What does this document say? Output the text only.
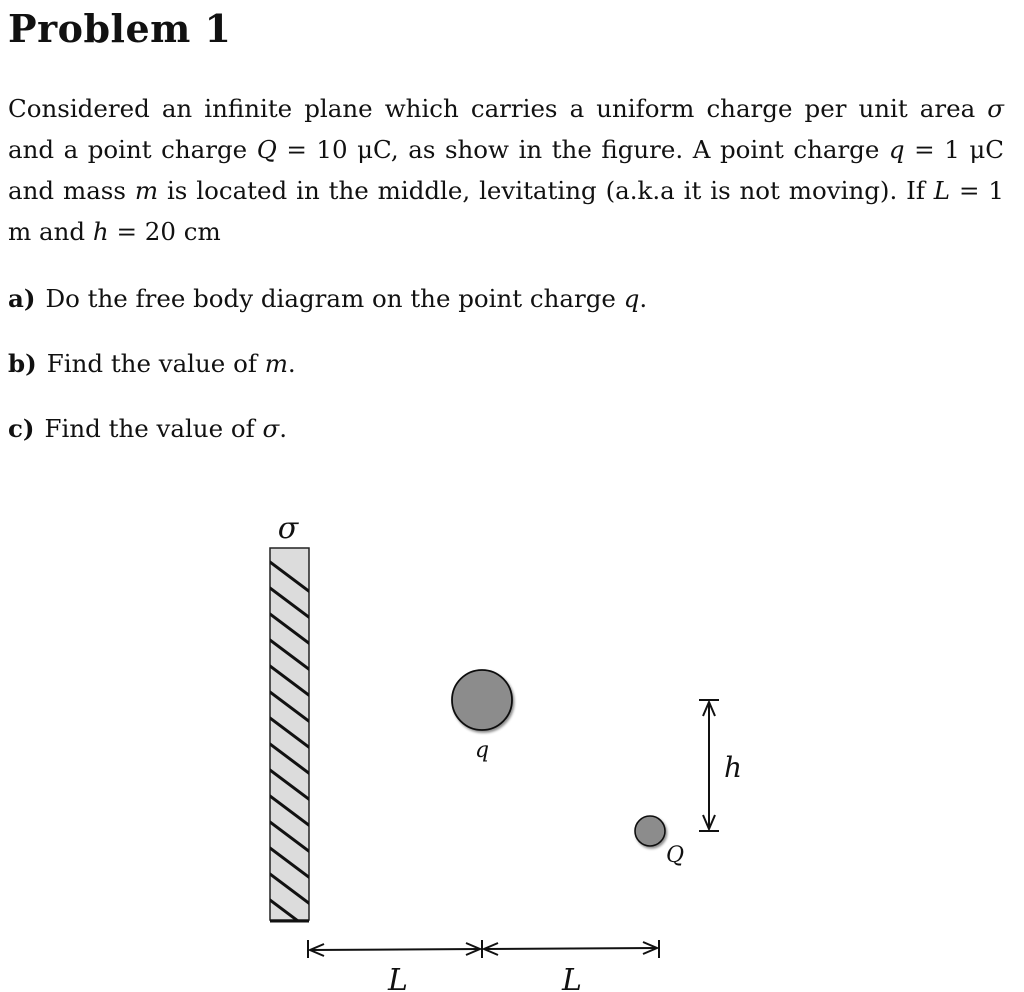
Problem 1

Considered an infinite plane which carries a uniform charge per unit area σ and a point charge Q = 10 μC, as show in the figure. A point charge q = 1 μC and mass m is located in the middle, levitating (a.k.a it is not moving). If L = 1 m and h = 20 cm

a) Do the free body diagram on the point charge q.

b) Find the value of m.

c) Find the value of σ.

σ
q
Q
h
L	L
